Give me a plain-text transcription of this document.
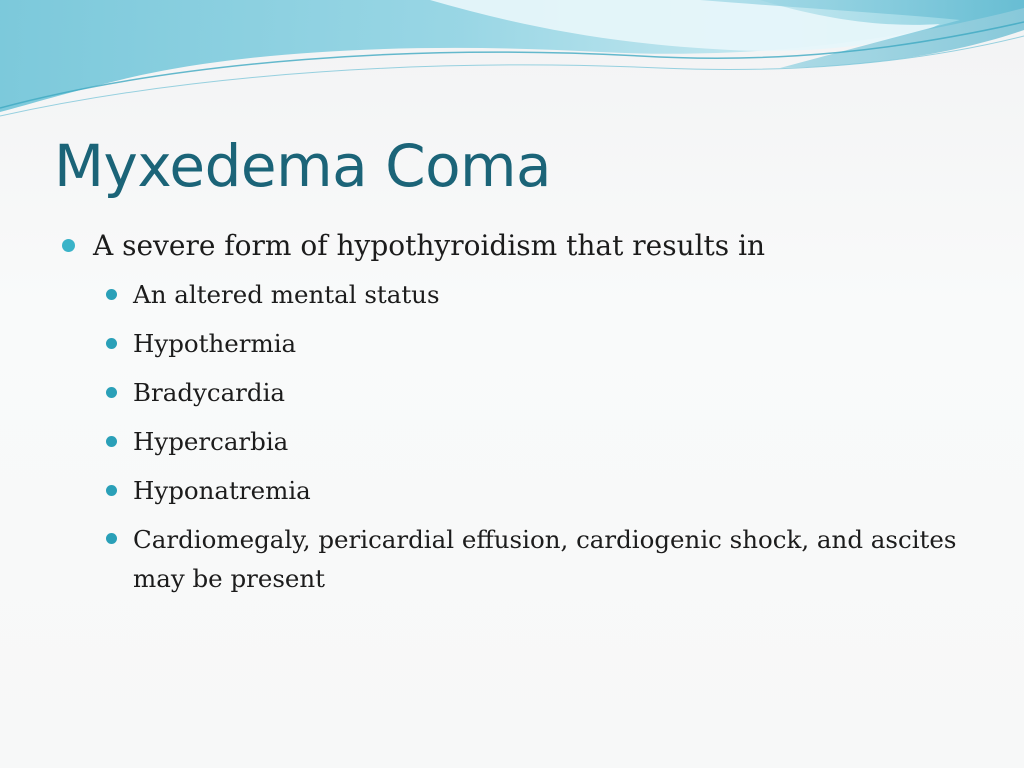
Myxedema Coma
A severe form of hypothyroidism that results in
An altered mental status
Hypothermia
Bradycardia
Hypercarbia
Hyponatremia
Cardiomegaly, pericardial effusion, cardiogenic shock, and ascites may be present
